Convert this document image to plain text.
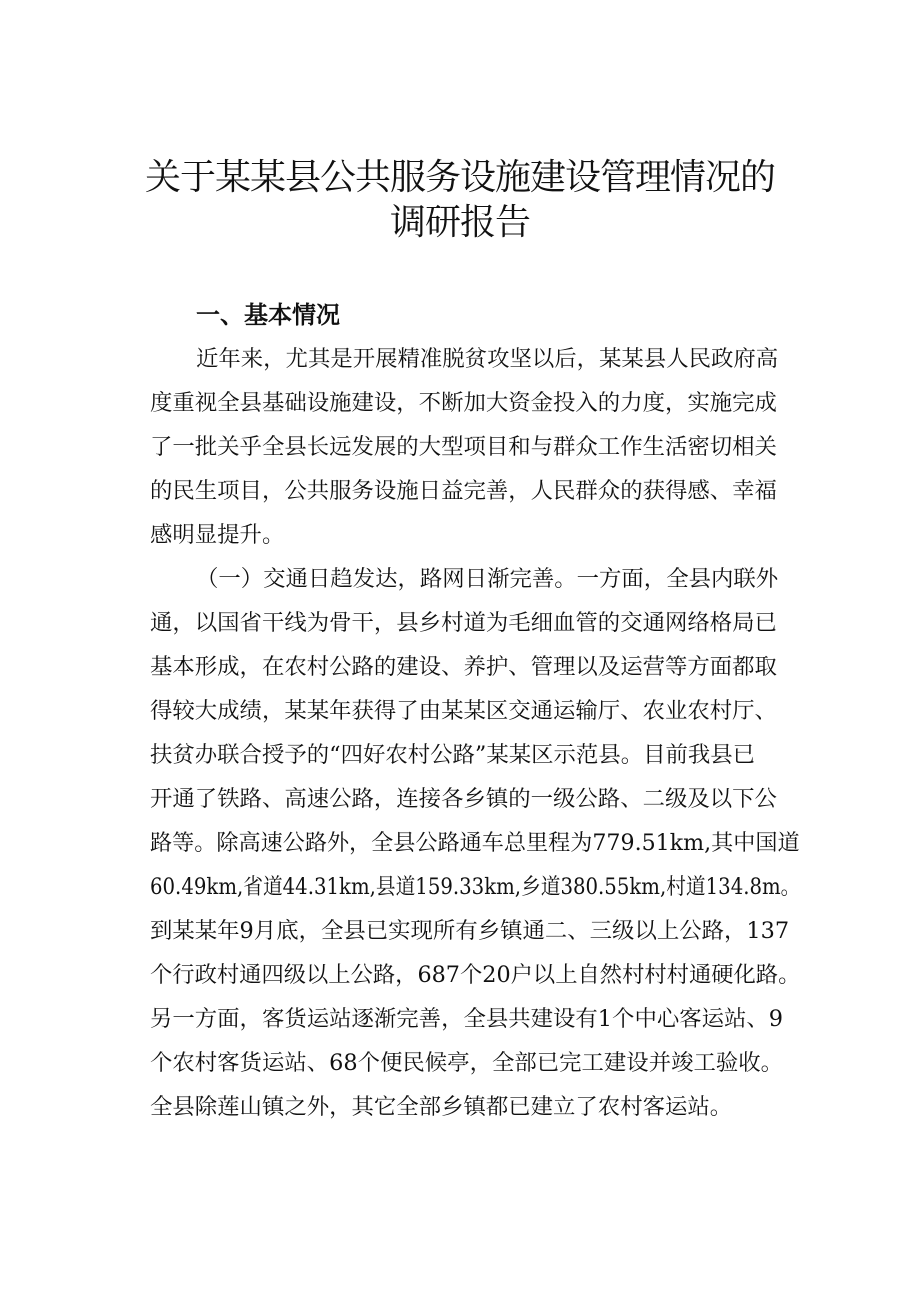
关于某某县公共服务设施建设管理情况的
调研报告
一、基本情况
近年来，尤其是开展精准脱贫攻坚以后，某某县人民政府高
度重视全县基础设施建设，不断加大资金投入的力度，实施完成
了一批关乎全县长远发展的大型项目和与群众工作生活密切相关
的民生项目，公共服务设施日益完善，人民群众的获得感、幸福
感明显提升。
（一）交通日趋发达，路网日渐完善。一方面，全县内联外
通，以国省干线为骨干，县乡村道为毛细血管的交通网络格局已
基本形成，在农村公路的建设、养护、管理以及运营等方面都取
得较大成绩，某某年获得了由某某区交通运输厅、农业农村厅、
扶贫办联合授予的“四好农村公路”某某区示范县。目前我县已
开通了铁路、高速公路，连接各乡镇的一级公路、二级及以下公
路等。除高速公路外，全县公路通车总里程为779.51km,其中国道
60.49km,省道44.31km,县道159.33km,乡道380.55km,村道134.8m。
到某某年9月底，全县已实现所有乡镇通二、三级以上公路，137
个行政村通四级以上公路，687个20户以上自然村村村通硬化路。
另一方面，客货运站逐渐完善，全县共建设有1个中心客运站、9
个农村客货运站、68个便民候亭，全部已完工建设并竣工验收。
全县除莲山镇之外，其它全部乡镇都已建立了农村客运站。
